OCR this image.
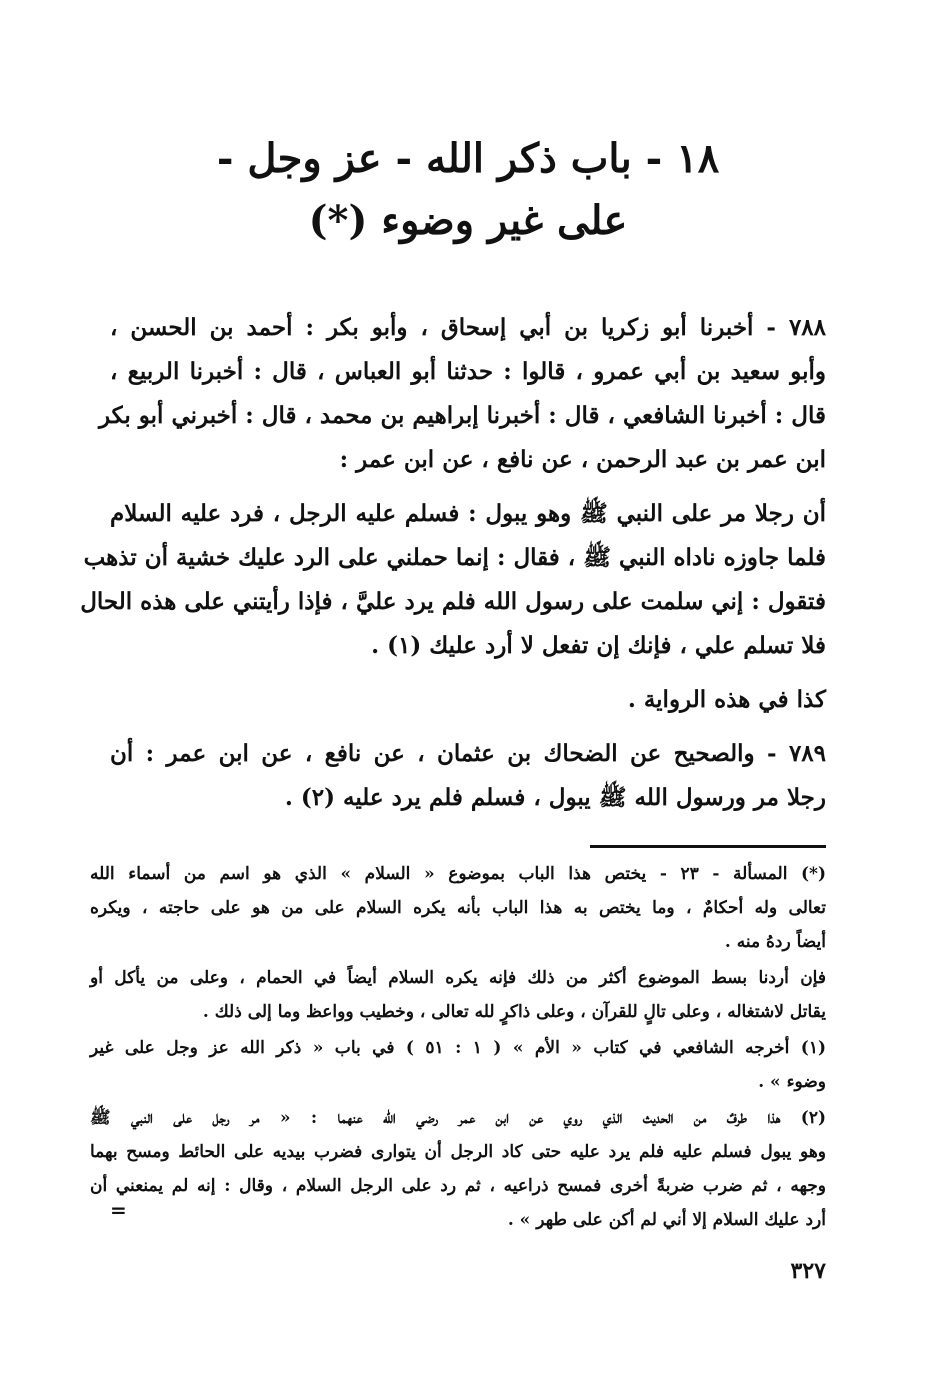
١٨ - باب ذكر الله - عز وجل -
على غير وضوء (*)
٧٨٨ - أخبرنا أبو زكريا بن أبي إسحاق ، وأبو بكر : أحمد بن الحسن ،
وأبو سعيد بن أبي عمرو ، قالوا : حدثنا أبو العباس ، قال : أخبرنا الربيع ،
قال : أخبرنا الشافعي ، قال : أخبرنا إبراهيم بن محمد ، قال : أخبرني أبو بكر
ابن عمر بن عبد الرحمن ، عن نافع ، عن ابن عمر :
أن رجلا مر على النبي ﷺ وهو يبول : فسلم عليه الرجل ، فرد عليه السلام
فلما جاوزه ناداه النبي ﷺ ، فقال : إنما حملني على الرد عليك خشية أن تذهب
فتقول : إني سلمت على رسول الله فلم يرد عليَّ ، فإذا رأيتني على هذه الحال
فلا تسلم علي ، فإنك إن تفعل لا أرد عليك (١) .
كذا في هذه الرواية .
٧٨٩ - والصحيح عن الضحاك بن عثمان ، عن نافع ، عن ابن عمر : أن
رجلا مر ورسول الله ﷺ يبول ، فسلم فلم يرد عليه (٢) .
(*) المسألة - ٢٣ - يختص هذا الباب بموضوع « السلام » الذي هو اسم من أسماء الله
تعالى وله أحكامٌ ، وما يختص به هذا الباب بأنه يكره السلام على من هو على حاجته ، ويكره
أيضاً ردهُ منه .
فإن أردنا بسط الموضوع أكثر من ذلك فإنه يكره السلام أيضاً في الحمام ، وعلى من يأكل أو
يقاتل لاشتغاله ، وعلى تالٍ للقرآن ، وعلى ذاكرٍ لله تعالى ، وخطيب وواعظ وما إلى ذلك .
(١) أخرجه الشافعي في كتاب « الأم » ( ١ : ٥١ ) في باب « ذكر الله عز وجل على غير
وضوء » .
(٢) هذا طرفٌ من الحديث الذي روي عن ابن عمر رضي الله عنهما : « مر رجل على النبي ﷺ
وهو يبول فسلم عليه فلم يرد عليه حتى كاد الرجل أن يتوارى فضرب بيديه على الحائط ومسح بهما
وجهه ، ثم ضرب ضربةً أخرى فمسح ذراعيه ، ثم رد على الرجل السلام ، وقال : إنه لم يمنعني أن
أرد عليك السلام إلا أني لم أكن على طهر » .
=
٣٢٧
